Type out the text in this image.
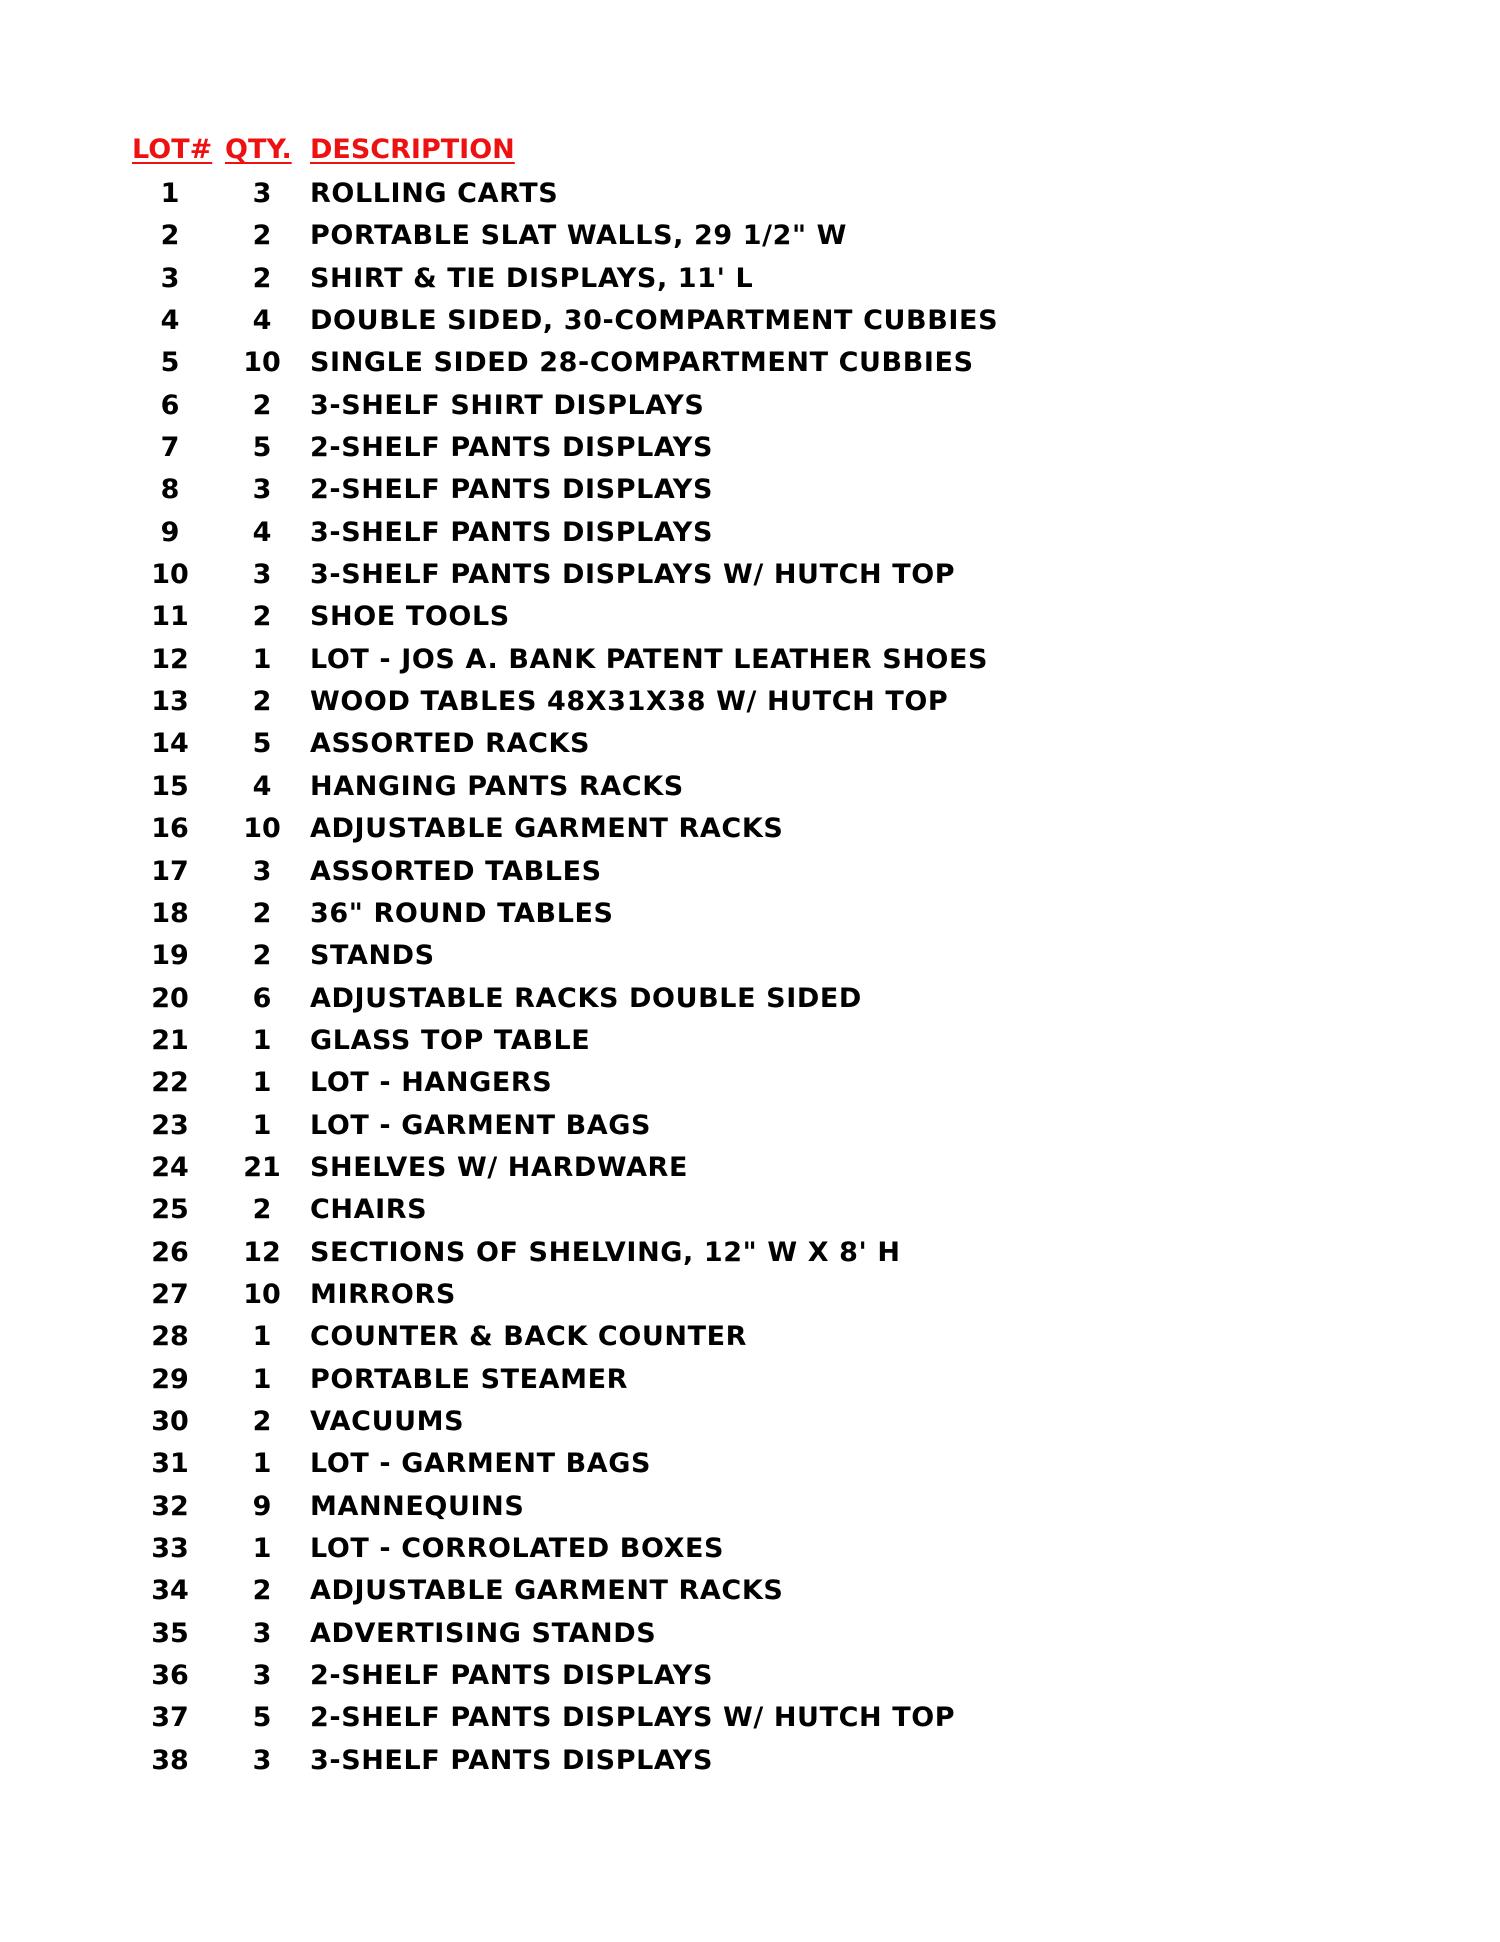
LOT# QTY. DESCRIPTION
1	3	ROLLING CARTS
2	2	PORTABLE SLAT WALLS, 29 1/2" W
3	2	SHIRT & TIE DISPLAYS, 11' L
4	4	DOUBLE SIDED, 30-COMPARTMENT CUBBIES
5	10	SINGLE SIDED 28-COMPARTMENT CUBBIES
6	2	3-SHELF SHIRT DISPLAYS
7	5	2-SHELF PANTS DISPLAYS
8	3	2-SHELF PANTS DISPLAYS
9	4	3-SHELF PANTS DISPLAYS
10	3	3-SHELF PANTS DISPLAYS W/ HUTCH TOP
11	2	SHOE TOOLS
12	1	LOT - JOS A. BANK PATENT LEATHER SHOES
13	2	WOOD TABLES 48X31X38 W/ HUTCH TOP
14	5	ASSORTED RACKS
15	4	HANGING PANTS RACKS
16	10	ADJUSTABLE GARMENT RACKS
17	3	ASSORTED TABLES
18	2	36" ROUND TABLES
19	2	STANDS
20	6	ADJUSTABLE RACKS DOUBLE SIDED
21	1	GLASS TOP TABLE
22	1	LOT - HANGERS
23	1	LOT - GARMENT BAGS
24	21	SHELVES W/ HARDWARE
25	2	CHAIRS
26	12	SECTIONS OF SHELVING, 12" W X 8' H
27	10	MIRRORS
28	1	COUNTER & BACK COUNTER
29	1	PORTABLE STEAMER
30	2	VACUUMS
31	1	LOT - GARMENT BAGS
32	9	MANNEQUINS
33	1	LOT - CORROLATED BOXES
34	2	ADJUSTABLE GARMENT RACKS
35	3	ADVERTISING STANDS
36	3	2-SHELF PANTS DISPLAYS
37	5	2-SHELF PANTS DISPLAYS W/ HUTCH TOP
38	3	3-SHELF PANTS DISPLAYS
